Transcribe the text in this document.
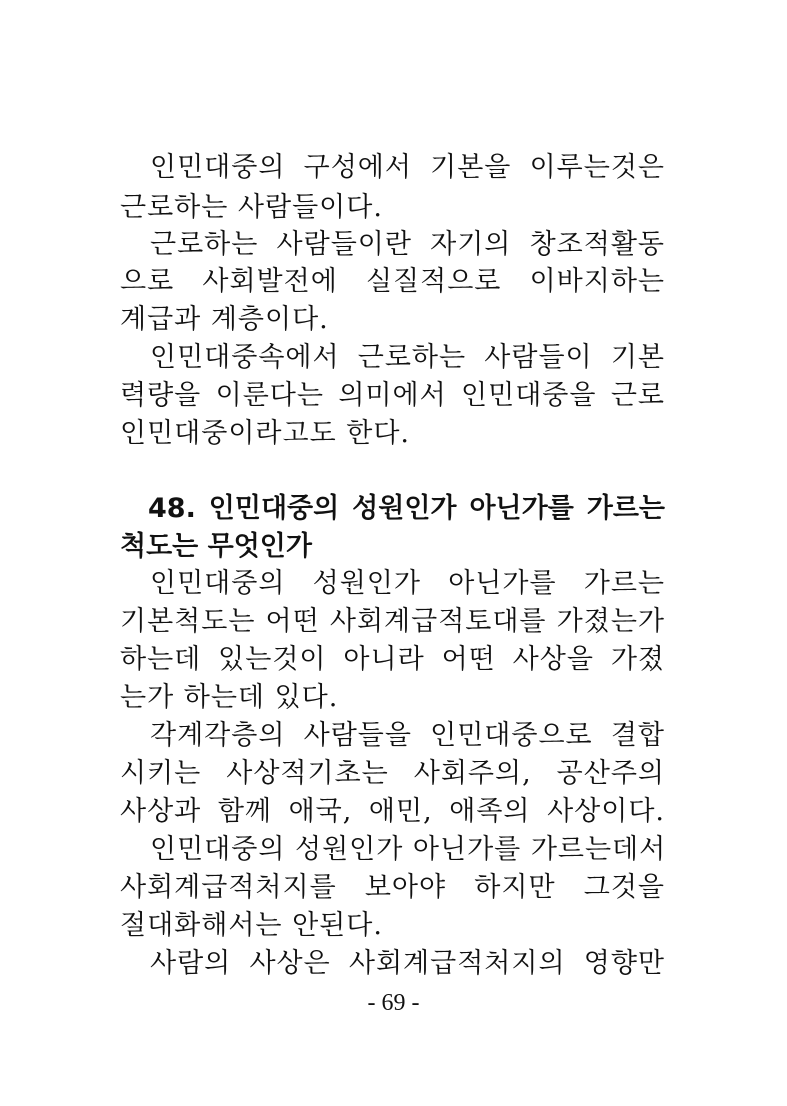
인민대중의 구성에서 기본을 이루는것은
근로하는 사람들이다.
근로하는 사람들이란 자기의 창조적활동
으로 사회발전에 실질적으로 이바지하는
계급과 계층이다.
인민대중속에서 근로하는 사람들이 기본
력량을 이룬다는 의미에서 인민대중을 근로
인민대중이라고도 한다.
48. 인민대중의 성원인가 아닌가를 가르는
척도는 무엇인가
인민대중의 성원인가 아닌가를 가르는
기본척도는 어떤 사회계급적토대를 가졌는가
하는데 있는것이 아니라 어떤 사상을 가졌
는가 하는데 있다.
각계각층의 사람들을 인민대중으로 결합
시키는 사상적기초는 사회주의, 공산주의
사상과 함께 애국, 애민, 애족의 사상이다.
인민대중의 성원인가 아닌가를 가르는데서
사회계급적처지를 보아야 하지만 그것을
절대화해서는 안된다.
사람의 사상은 사회계급적처지의 영향만
- 69 -
